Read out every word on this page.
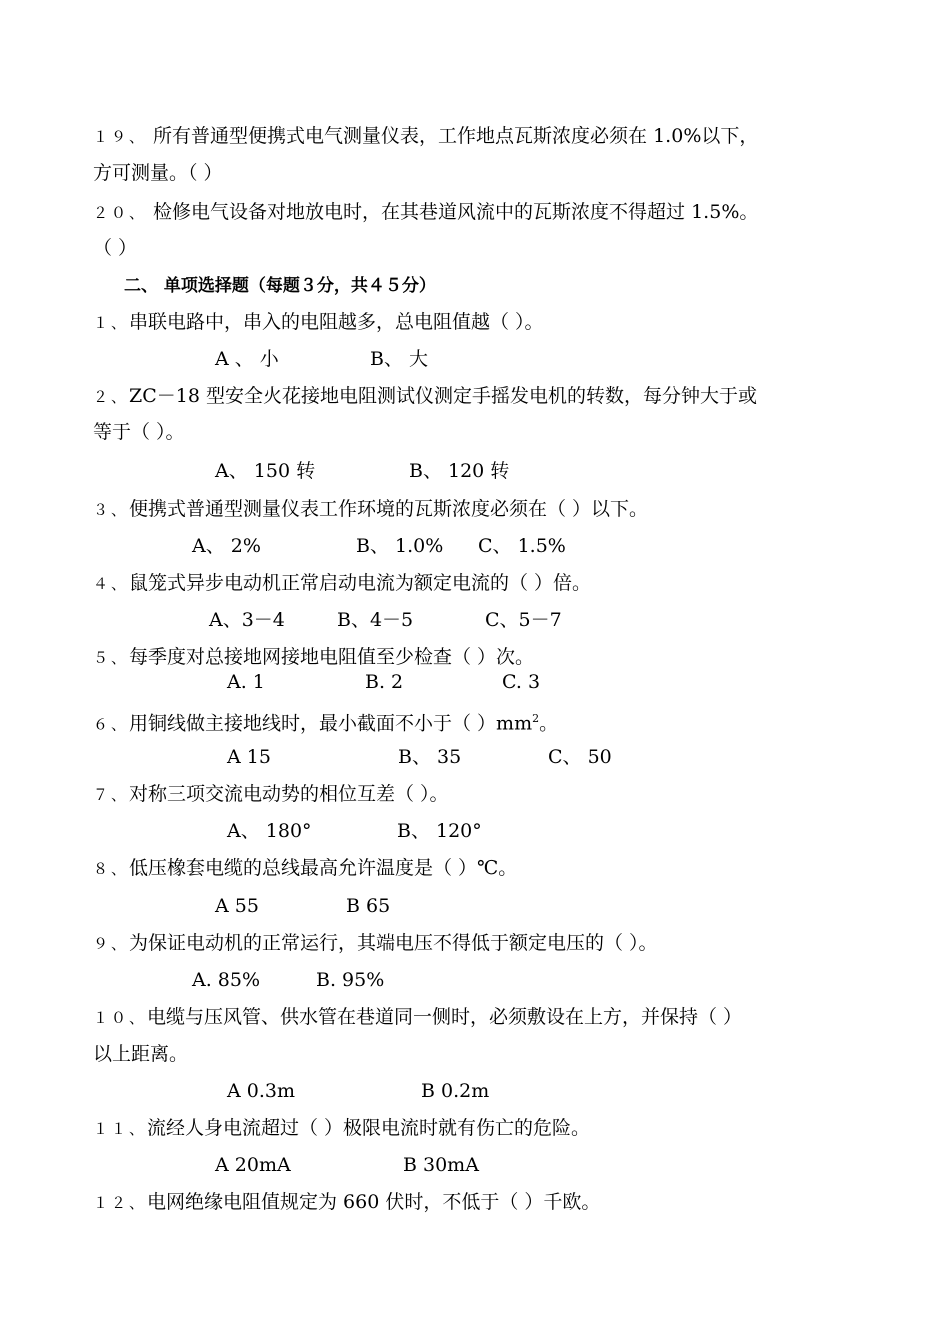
１９、 所有普通型便携式电气测量仪表，工作地点瓦斯浓度必须在 1.0%以下，
方可测量。（ ）
２０、 检修电气设备对地放电时，在其巷道风流中的瓦斯浓度不得超过 1.5%。
（ ）
二、 单项选择题（每题３分，共４５分）
１、串联电路中，串入的电阻越多，总电阻值越（ ）。
A 、 小	B、 大
２、ZC－18 型安全火花接地电阻测试仪测定手摇发电机的转数，每分钟大于或
等于（ ）。
A、 150 转	B、 120 转
３、便携式普通型测量仪表工作环境的瓦斯浓度必须在（ ）以下。
A、 2%	B、 1.0% C、 1.5%
４、鼠笼式异步电动机正常启动电流为额定电流的（ ）倍。
A、3－4	B、4－5	C、5－7
５、每季度对总接地网接地电阻值至少检查（ ）次。
A. 1	B. 2	C. 3
６、用铜线做主接地线时，最小截面不小于（ ）$mm^2$。
A 15	B、 35	C、 50
７、对称三项交流电动势的相位互差（ ）。
A、 180°	B、 120°
８、低压橡套电缆的总线最高允许温度是（ ）℃。
A 55	B 65
９、为保证电动机的正常运行，其端电压不得低于额定电压的（ ）。
A. 85%	B. 95%
１０、电缆与压风管、供水管在巷道同一侧时，必须敷设在上方，并保持（ ）
以上距离。
A 0.3m	B 0.2m
１１、流经人身电流超过（ ）极限电流时就有伤亡的危险。
A 20mA	B 30mA
１２、电网绝缘电阻值规定为 660 伏时，不低于（ ）千欧。
